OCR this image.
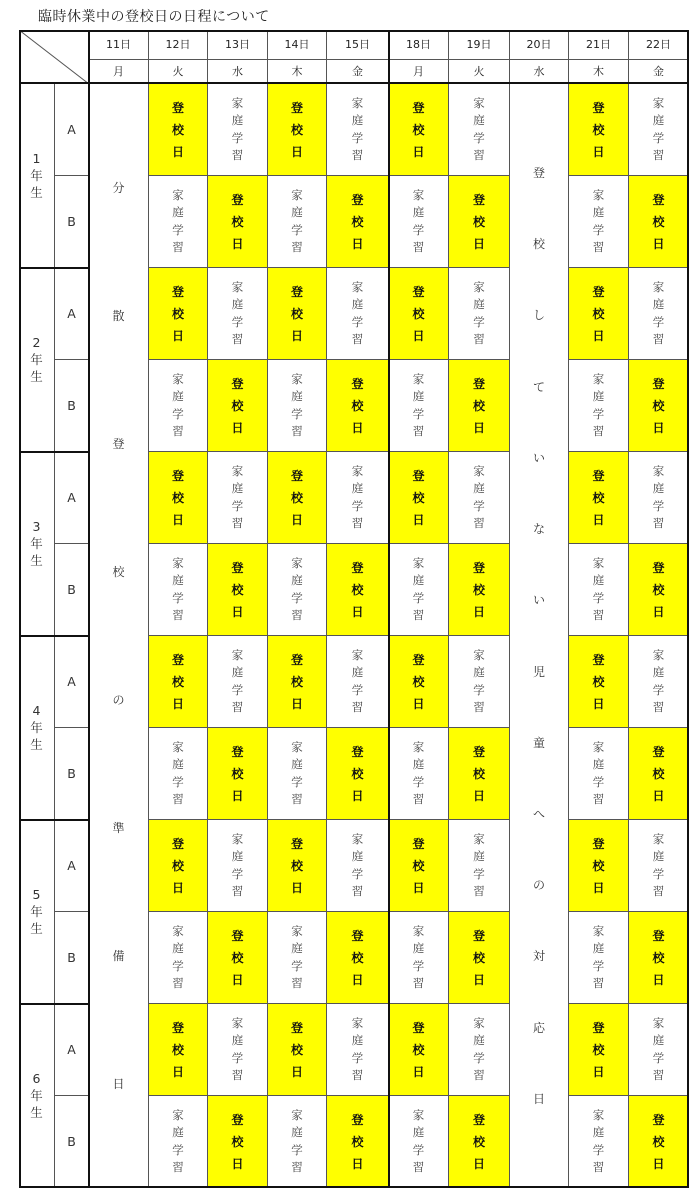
臨時休業中の登校日の日程について
11日
月
12日
火
13日
水
14日
木
15日
金
18日
月
19日
火
20日
水
21日
木
22日
金
分
散
登
校
の
準
備
日
登
校
し
て
い
な
い
児
童
へ
の
対
応
日
1
年
生
A
登
校
日
家
庭
学
習
登
校
日
家
庭
学
習
登
校
日
家
庭
学
習
登
校
日
家
庭
学
習
B
家
庭
学
習
登
校
日
家
庭
学
習
登
校
日
家
庭
学
習
登
校
日
家
庭
学
習
登
校
日
2
年
生
A
登
校
日
家
庭
学
習
登
校
日
家
庭
学
習
登
校
日
家
庭
学
習
登
校
日
家
庭
学
習
B
家
庭
学
習
登
校
日
家
庭
学
習
登
校
日
家
庭
学
習
登
校
日
家
庭
学
習
登
校
日
3
年
生
A
登
校
日
家
庭
学
習
登
校
日
家
庭
学
習
登
校
日
家
庭
学
習
登
校
日
家
庭
学
習
B
家
庭
学
習
登
校
日
家
庭
学
習
登
校
日
家
庭
学
習
登
校
日
家
庭
学
習
登
校
日
4
年
生
A
登
校
日
家
庭
学
習
登
校
日
家
庭
学
習
登
校
日
家
庭
学
習
登
校
日
家
庭
学
習
B
家
庭
学
習
登
校
日
家
庭
学
習
登
校
日
家
庭
学
習
登
校
日
家
庭
学
習
登
校
日
5
年
生
A
登
校
日
家
庭
学
習
登
校
日
家
庭
学
習
登
校
日
家
庭
学
習
登
校
日
家
庭
学
習
B
家
庭
学
習
登
校
日
家
庭
学
習
登
校
日
家
庭
学
習
登
校
日
家
庭
学
習
登
校
日
6
年
生
A
登
校
日
家
庭
学
習
登
校
日
家
庭
学
習
登
校
日
家
庭
学
習
登
校
日
家
庭
学
習
B
家
庭
学
習
登
校
日
家
庭
学
習
登
校
日
家
庭
学
習
登
校
日
家
庭
学
習
登
校
日
